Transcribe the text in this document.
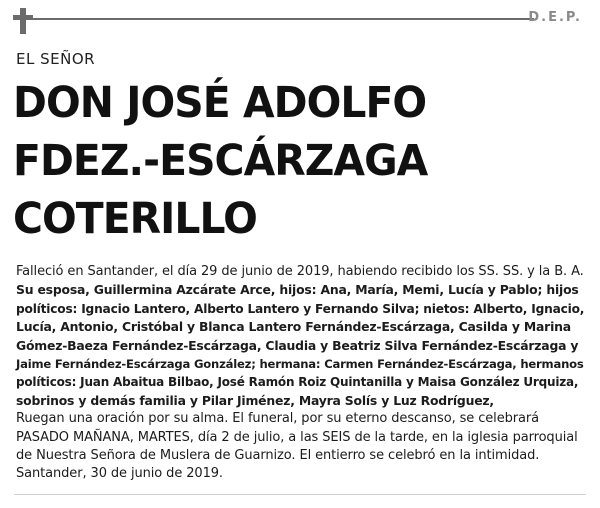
D.E.P.
EL SEÑOR
DON JOSÉ ADOLFO
FDEZ.-ESCÁRZAGA
COTERILLO
Falleció en Santander, el día 29 de junio de 2019, habiendo recibido los SS. SS. y la B. A.
Su esposa, Guillermina Azcárate Arce, hijos: Ana, María, Memi, Lucía y Pablo; hijos
políticos: Ignacio Lantero, Alberto Lantero y Fernando Silva; nietos: Alberto, Ignacio,
Lucía, Antonio, Cristóbal y Blanca Lantero Fernández-Escárzaga, Casilda y Marina
Gómez-Baeza Fernández-Escárzaga, Claudia y Beatriz Silva Fernández-Escárzaga y
Jaime Fernández-Escárzaga González; hermana: Carmen Fernández-Escárzaga, hermanos
políticos: Juan Abaitua Bilbao, José Ramón Roiz Quintanilla y Maisa González Urquiza,
sobrinos y demás familia y Pilar Jiménez, Mayra Solís y Luz Rodríguez,
Ruegan una oración por su alma. El funeral, por su eterno descanso, se celebrará
PASADO MAÑANA, MARTES, día 2 de julio, a las SEIS de la tarde, en la iglesia parroquial
de Nuestra Señora de Muslera de Guarnizo. El entierro se celebró en la intimidad.
Santander, 30 de junio de 2019.
